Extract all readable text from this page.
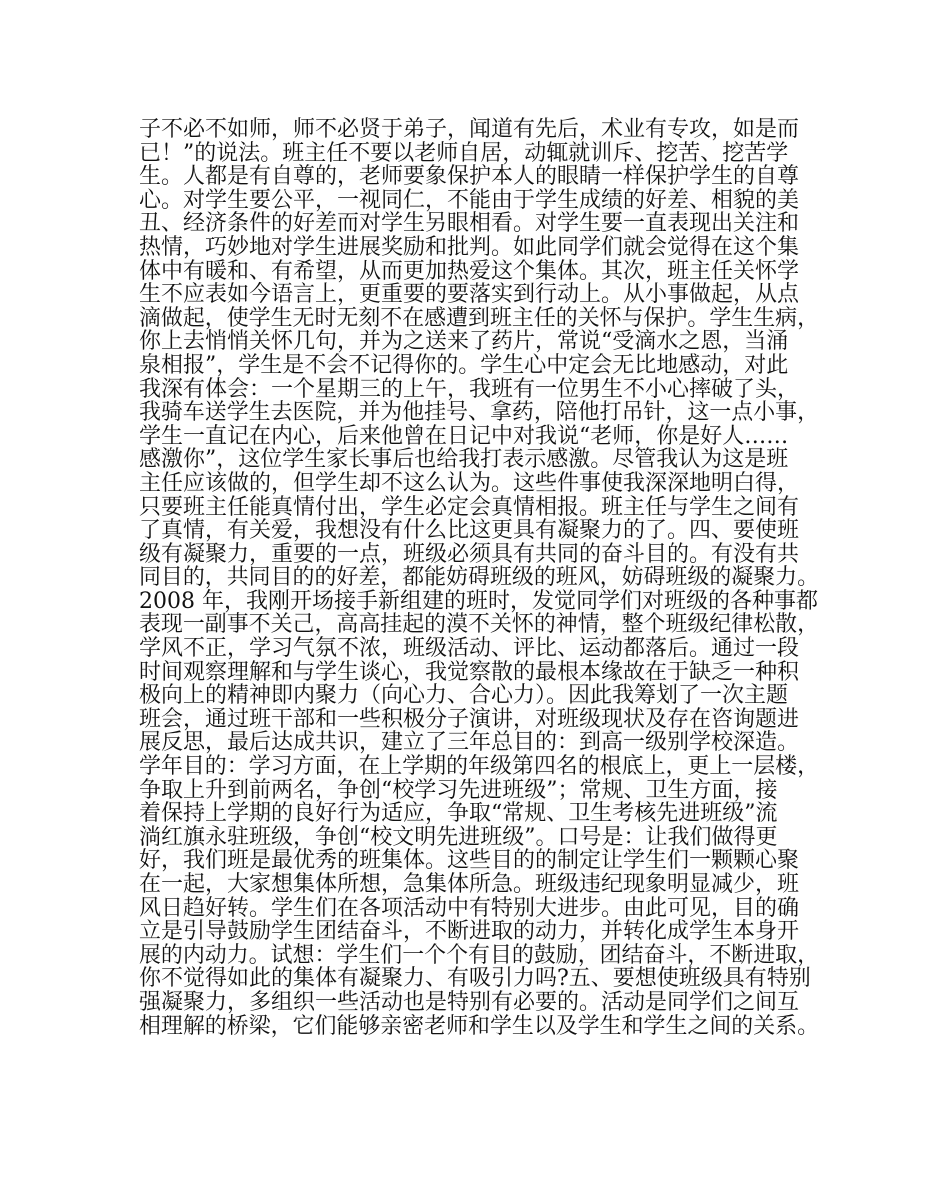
子不必不如师，师不必贤于弟子，闻道有先后，术业有专攻，如是而
已！”的说法。班主任不要以老师自居，动辄就训斥、挖苦、挖苦学
生。人都是有自尊的，老师要象保护本人的眼睛一样保护学生的自尊
心。对学生要公平，一视同仁，不能由于学生成绩的好差、相貌的美
丑、经济条件的好差而对学生另眼相看。对学生要一直表现出关注和
热情，巧妙地对学生进展奖励和批判。如此同学们就会觉得在这个集
体中有暖和、有希望，从而更加热爱这个集体。其次，班主任关怀学
生不应表如今语言上，更重要的要落实到行动上。从小事做起，从点
滴做起，使学生无时无刻不在感遭到班主任的关怀与保护。学生生病，
你上去悄悄关怀几句，并为之送来了药片，常说“受滴水之恩，当涌
泉相报”，学生是不会不记得你的。学生心中定会无比地感动，对此
我深有体会：一个星期三的上午，我班有一位男生不小心摔破了头，
我骑车送学生去医院，并为他挂号、拿药，陪他打吊针，这一点小事，
学生一直记在内心，后来他曾在日记中对我说“老师，你是好人……
感激你”，这位学生家长事后也给我打表示感激。尽管我认为这是班
主任应该做的，但学生却不这么认为。这些件事使我深深地明白得，
只要班主任能真情付出，学生必定会真情相报。班主任与学生之间有
了真情，有关爱，我想没有什么比这更具有凝聚力的了。四、要使班
级有凝聚力，重要的一点，班级必须具有共同的奋斗目的。有没有共
同目的，共同目的的好差，都能妨碍班级的班风，妨碍班级的凝聚力。
2008 年，我刚开场接手新组建的班时，发觉同学们对班级的各种事都
表现一副事不关己，高高挂起的漠不关怀的神情，整个班级纪律松散，
学风不正，学习气氛不浓，班级活动、评比、运动都落后。通过一段
时间观察理解和与学生谈心，我觉察散的最根本缘故在于缺乏一种积
极向上的精神即内聚力（向心力、合心力）。因此我筹划了一次主题
班会，通过班干部和一些积极分子演讲，对班级现状及存在咨询题进
展反思，最后达成共识，建立了三年总目的：到高一级别学校深造。
学年目的：学习方面，在上学期的年级第四名的根底上，更上一层楼，
争取上升到前两名，争创“校学习先进班级”；常规、卫生方面，接
着保持上学期的良好行为适应，争取“常规、卫生考核先进班级”流
淌红旗永驻班级，争创“校文明先进班级”。口号是：让我们做得更
好，我们班是最优秀的班集体。这些目的的制定让学生们一颗颗心聚
在一起，大家想集体所想，急集体所急。班级违纪现象明显减少，班
风日趋好转。学生们在各项活动中有特别大进步。由此可见，目的确
立是引导鼓励学生团结奋斗，不断进取的动力，并转化成学生本身开
展的内动力。试想：学生们一个个有目的鼓励，团结奋斗，不断进取，
你不觉得如此的集体有凝聚力、有吸引力吗?五、要想使班级具有特别
强凝聚力，多组织一些活动也是特别有必要的。活动是同学们之间互
相理解的桥梁，它们能够亲密老师和学生以及学生和学生之间的关系。
